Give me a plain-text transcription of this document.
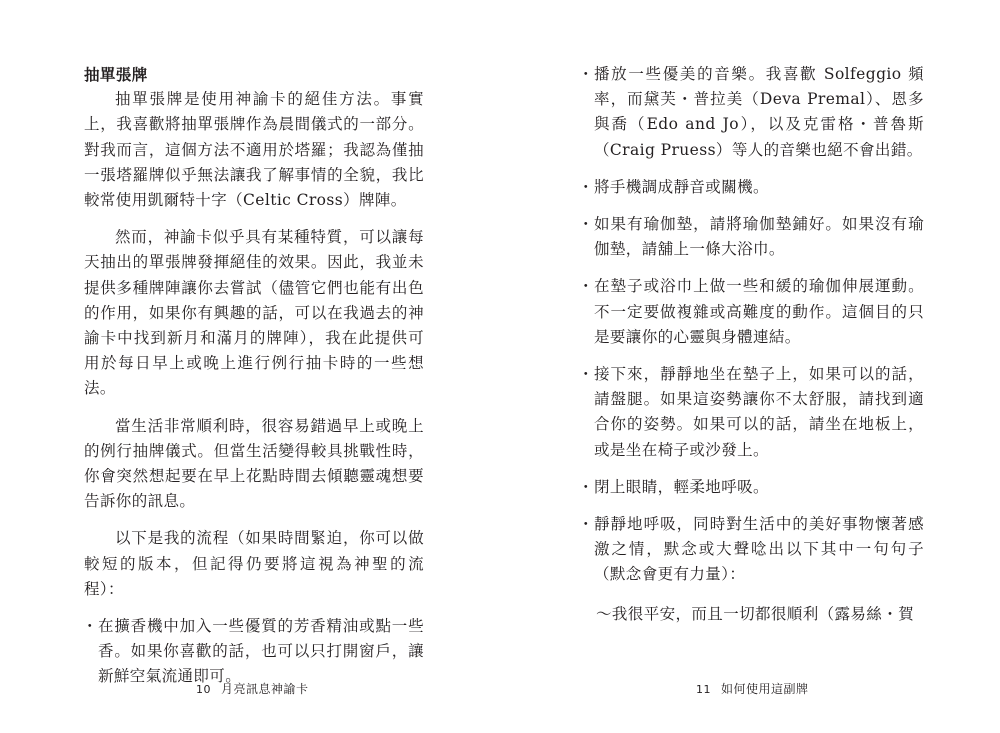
抽單張牌

抽單張牌是使用神諭卡的絕佳方法。事實上，我喜歡將抽單張牌作為晨間儀式的一部分。對我而言，這個方法不適用於塔羅；我認為僅抽一張塔羅牌似乎無法讓我了解事情的全貌，我比較常使用凱爾特十字（Celtic Cross）牌陣。

然而，神諭卡似乎具有某種特質，可以讓每天抽出的單張牌發揮絕佳的效果。因此，我並未提供多種牌陣讓你去嘗試（儘管它們也能有出色的作用，如果你有興趣的話，可以在我過去的神諭卡中找到新月和滿月的牌陣），我在此提供可用於每日早上或晚上進行例行抽卡時的一些想法。

當生活非常順利時，很容易錯過早上或晚上的例行抽牌儀式。但當生活變得較具挑戰性時，你會突然想起要在早上花點時間去傾聽靈魂想要告訴你的訊息。

以下是我的流程（如果時間緊迫，你可以做較短的版本，但記得仍要將這視為神聖的流程）：

・ 在擴香機中加入一些優質的芳香精油或點一些香。如果你喜歡的話，也可以只打開窗戶，讓新鮮空氣流通即可。
10 月亮訊息神諭卡
・ 播放一些優美的音樂。我喜歡 Solfeggio 頻率，而黛芙・普拉美（Deva Premal）、恩多與喬（Edo and Jo），以及克雷格・普魯斯（Craig Pruess）等人的音樂也絕不會出錯。
・ 將手機調成靜音或關機。
・ 如果有瑜伽墊，請將瑜伽墊鋪好。如果沒有瑜伽墊，請舖上一條大浴巾。
・ 在墊子或浴巾上做一些和緩的瑜伽伸展運動。不一定要做複雜或高難度的動作。這個目的只是要讓你的心靈與身體連結。
・ 接下來，靜靜地坐在墊子上，如果可以的話，請盤腿。如果這姿勢讓你不太舒服，請找到適合你的姿勢。如果可以的話，請坐在地板上，或是坐在椅子或沙發上。
・ 閉上眼睛，輕柔地呼吸。
・ 靜靜地呼吸，同時對生活中的美好事物懷著感激之情，默念或大聲唸出以下其中一句句子（默念會更有力量）：
～我很平安，而且一切都很順利（露易絲・賀
11 如何使用這副牌
